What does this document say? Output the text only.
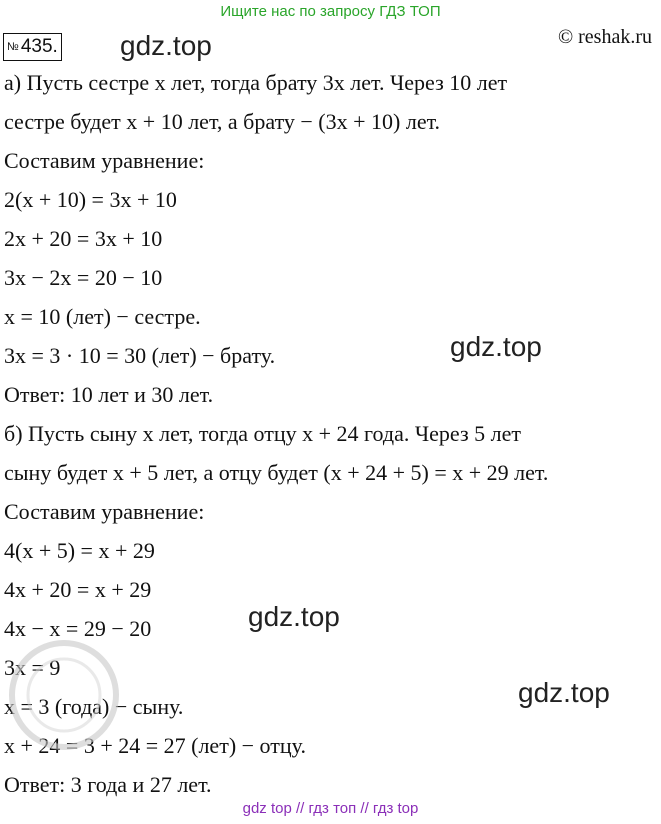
Ищите нас по запросу ГДЗ ТОП
№ 435. gdz.top	© reshak.ru
а) Пусть сестре x лет, тогда брату 3x лет. Через 10 лет
сестре будет x + 10 лет, а брату − (3x + 10) лет.
Составим уравнение:
2(x + 10) = 3x + 10
2x + 20 = 3x + 10
3x − 2x = 20 − 10
x = 10 (лет) − сестре.
3x = 3 · 10 = 30 (лет) − брату.
Ответ: 10 лет и 30 лет.
б) Пусть сыну x лет, тогда отцу x + 24 года. Через 5 лет
сыну будет x + 5 лет, а отцу будет (x + 24 + 5) = x + 29 лет.
Составим уравнение:
4(x + 5) = x + 29
4x + 20 = x + 29
4x − x = 29 − 20
3x = 9
x = 3 (года) − сыну.
x + 24 = 3 + 24 = 27 (лет) − отцу.
Ответ: 3 года и 27 лет.
gdz.top
gdz.top
gdz.top
gdz top // гдз топ // гдз top
